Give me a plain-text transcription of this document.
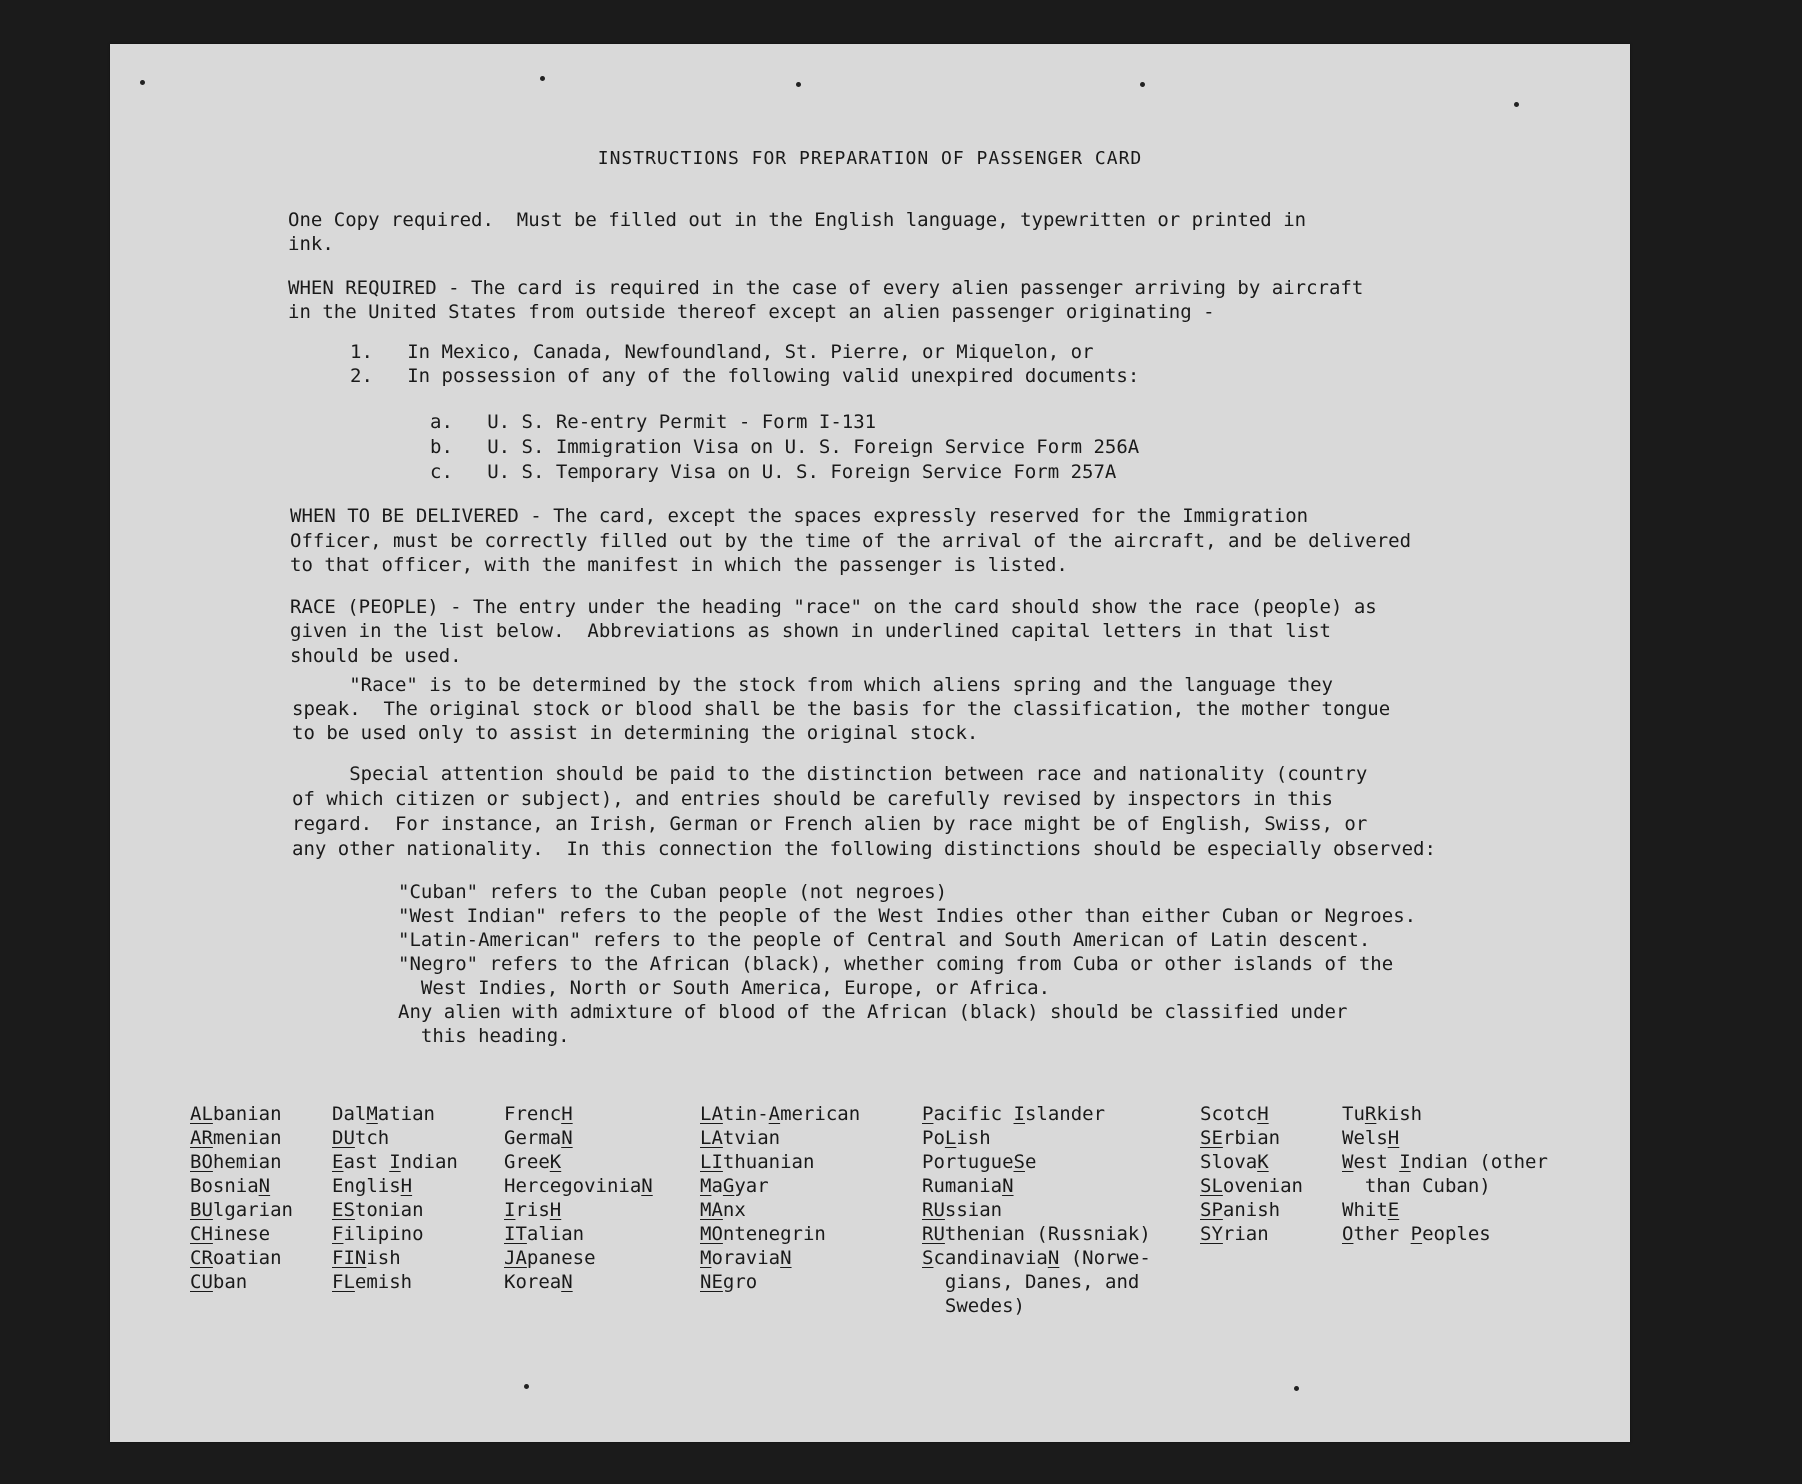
INSTRUCTIONS FOR PREPARATION OF PASSENGER CARD
One Copy required.  Must be filled out in the English language, typewritten or printed in
ink.
WHEN REQUIRED - The card is required in the case of every alien passenger arriving by aircraft
in the United States from outside thereof except an alien passenger originating -
1.   In Mexico, Canada, Newfoundland, St. Pierre, or Miquelon, or
2.   In possession of any of the following valid unexpired documents:
a.   U. S. Re-entry Permit - Form I-131
b.   U. S. Immigration Visa on U. S. Foreign Service Form 256A
c.   U. S. Temporary Visa on U. S. Foreign Service Form 257A
WHEN TO BE DELIVERED - The card, except the spaces expressly reserved for the Immigration
Officer, must be correctly filled out by the time of the arrival of the aircraft, and be delivered
to that officer, with the manifest in which the passenger is listed.
RACE (PEOPLE) - The entry under the heading "race" on the card should show the race (people) as
given in the list below.  Abbreviations as shown in underlined capital letters in that list
should be used.
"Race" is to be determined by the stock from which aliens spring and the language they
speak.  The original stock or blood shall be the basis for the classification, the mother tongue
to be used only to assist in determining the original stock.
Special attention should be paid to the distinction between race and nationality (country
of which citizen or subject), and entries should be carefully revised by inspectors in this
regard.  For instance, an Irish, German or French alien by race might be of English, Swiss, or
any other nationality.  In this connection the following distinctions should be especially observed:
"Cuban" refers to the Cuban people (not negroes)
"West Indian" refers to the people of the West Indies other than either Cuban or Negroes.
"Latin-American" refers to the people of Central and South American of Latin descent.
"Negro" refers to the African (black), whether coming from Cuba or other islands of the
West Indies, North or South America, Europe, or Africa.
Any alien with admixture of blood of the African (black) should be classified under
this heading.
ALbanian
ARmenian
BOhemian
BosniaN
BUlgarian
CHinese
CRoatian
CUban
DalMatian
DUtch
East Indian
EnglisH
EStonian
Filipino
FINish
FLemish
FrencH
GermaN
GreeK
HercegoviniaN
IrisH
ITalian
JApanese
KoreaN
LAtin-American
LAtvian
LIthuanian
MaGyar
MAnx
MOntenegrin
MoraviaN
NEgro
Pacific Islander
PoLish
PortugueSe
RumaniaN
RUssian
RUthenian (Russniak)
ScandinaviaN (Norwe-
gians, Danes, and
Swedes)
ScotcH
SErbian
SlovaK
SLovenian
SPanish
SYrian
TuRkish
WelsH
West Indian (other
than Cuban)
WhitE
Other Peoples
